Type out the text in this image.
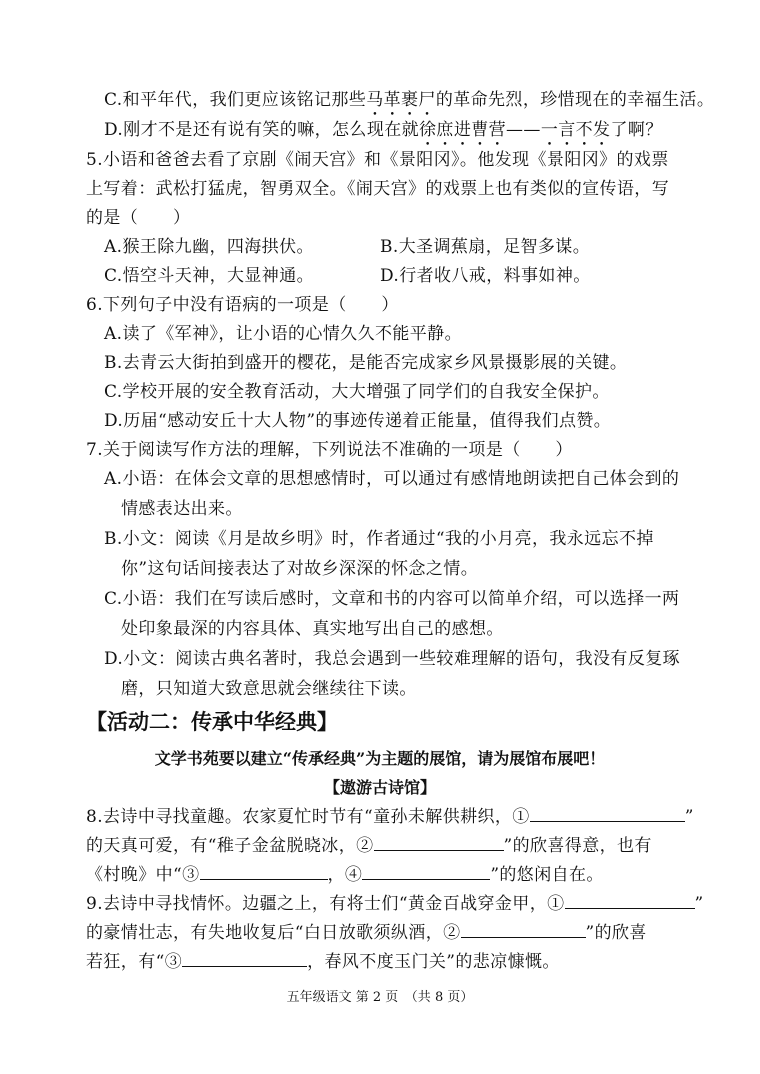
C.和平年代，我们更应该铭记那些马革裹尸的革命先烈，珍惜现在的幸福生活。
D.刚才不是还有说有笑的嘛，怎么现在就徐庶进曹营——一言不发了啊？
5.小语和爸爸去看了京剧《闹天宫》和《景阳冈》。他发现《景阳冈》的戏票
上写着：武松打猛虎，智勇双全。《闹天宫》的戏票上也有类似的宣传语，写
的是（　　）
A.猴王除九幽，四海拱伏。	B.大圣调蕉扇，足智多谋。
C.悟空斗天神，大显神通。	D.行者收八戒，料事如神。
6.下列句子中没有语病的一项是（　　）
A.读了《军神》，让小语的心情久久不能平静。
B.去青云大街拍到盛开的樱花，是能否完成家乡风景摄影展的关键。
C.学校开展的安全教育活动，大大增强了同学们的自我安全保护。
D.历届“感动安丘十大人物”的事迹传递着正能量，值得我们点赞。
7.关于阅读写作方法的理解，下列说法不准确的一项是（　　）
A.小语：在体会文章的思想感情时，可以通过有感情地朗读把自己体会到的
情感表达出来。
B.小文：阅读《月是故乡明》时，作者通过“我的小月亮，我永远忘不掉
你”这句话间接表达了对故乡深深的怀念之情。
C.小语：我们在写读后感时，文章和书的内容可以简单介绍，可以选择一两
处印象最深的内容具体、真实地写出自己的感想。
D.小文：阅读古典名著时，我总会遇到一些较难理解的语句，我没有反复琢
磨，只知道大致意思就会继续往下读。
【活动二：传承中华经典】
文学书苑要以建立“传承经典”为主题的展馆，请为展馆布展吧！
【遨游古诗馆】
8.去诗中寻找童趣。农家夏忙时节有“童孙未解供耕织，①	”
的天真可爱，有“稚子金盆脱晓冰，②	”的欣喜得意，也有
《村晚》中“③	，④	”的悠闲自在。
9.去诗中寻找情怀。边疆之上，有将士们“黄金百战穿金甲，①	”
的豪情壮志，有失地收复后“白日放歌须纵酒，②	”的欣喜
若狂，有“③	，春风不度玉门关”的悲凉慷慨。
五年级语文 第 2 页　（共 8 页）
